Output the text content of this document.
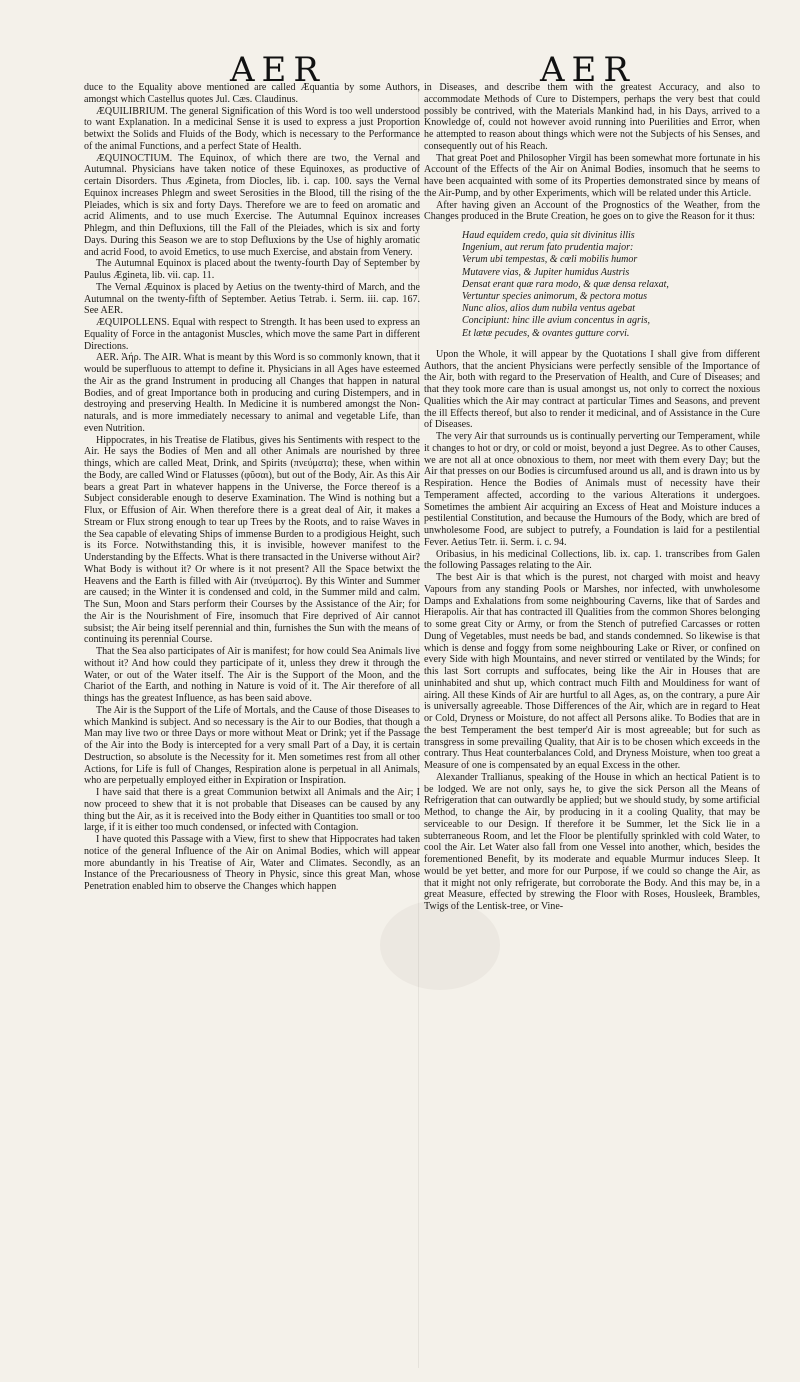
AER	AER

duce to the Equality above mentioned are called Æquantia by some Authors, amongst which Castellus quotes Jul. Cæs. Claudinus.

ÆQUILIBRIUM. The general Signification of this Word is too well understood to want Explanation. In a medicinal Sense it is used to express a just Proportion betwixt the Solids and Fluids of the Body, which is necessary to the Performance of the animal Functions, and a perfect State of Health.

ÆQUINOCTIUM. The Equinox, of which there are two, the Vernal and Autumnal. Physicians have taken notice of these Equinoxes, as productive of certain Disorders. Thus Ægineta, from Diocles, lib. i. cap. 100. says the Vernal Equinox increases Phlegm and sweet Serosities in the Blood, till the rising of the Pleiades, which is six and forty Days. Therefore we are to feed on aromatic and acrid Aliments, and to use much Exercise. The Autumnal Equinox increases Phlegm, and thin Defluxions, till the Fall of the Pleiades, which is six and forty Days. During this Season we are to stop Defluxions by the Use of highly aromatic and acrid Food, to avoid Emetics, to use much Exercise, and abstain from Venery.

The Autumnal Equinox is placed about the twenty-fourth Day of September by Paulus Ægineta, lib. vii. cap. 11.

The Vernal Æquinox is placed by Aetius on the twenty-third of March, and the Autumnal on the twenty-fifth of September. Aetius Tetrab. i. Serm. iii. cap. 167. See AER.

ÆQUIPOLLENS. Equal with respect to Strength. It has been used to express an Equality of Force in the antagonist Muscles, which move the same Part in different Directions.

AER. Ἀήρ. The AIR. What is meant by this Word is so commonly known, that it would be superfluous to attempt to define it. Physicians in all Ages have esteemed the Air as the grand Instrument in producing all Changes that happen in natural Bodies, and of great Importance both in producing and curing Distempers, and in destroying and preserving Health. In Medicine it is numbered amongst the Non-naturals, and is more immediately necessary to animal and vegetable Life, than even Nutrition.

Hippocrates, in his Treatise de Flatibus, gives his Sentiments with respect to the Air. He says the Bodies of Men and all other Animals are nourished by three things, which are called Meat, Drink, and Spirits (πνεύματα); these, when within the Body, are called Wind or Flatusses (φῦσαι), but out of the Body, Air. As this Air bears a great Part in whatever happens in the Universe, the Force thereof is a Subject considerable enough to deserve Examination. The Wind is nothing but a Flux, or Effusion of Air. When therefore there is a great deal of Air, it makes a Stream or Flux strong enough to tear up Trees by the Roots, and to raise Waves in the Sea capable of elevating Ships of immense Burden to a prodigious Height, such is its Force. Notwithstanding this, it is invisible, however manifest to the Understanding by the Effects. What is there transacted in the Universe without Air? What Body is without it? Or where is it not present? All the Space betwixt the Heavens and the Earth is filled with Air (πνεύματος). By this Winter and Summer are caused; in the Winter it is condensed and cold, in the Summer mild and calm. The Sun, Moon and Stars perform their Courses by the Assistance of the Air; for the Air is the Nourishment of Fire, insomuch that Fire deprived of Air cannot subsist; the Air being itself perennial and thin, furnishes the Sun with the means of continuing its perennial Course.

That the Sea also participates of Air is manifest; for how could Sea Animals live without it? And how could they participate of it, unless they drew it through the Water, or out of the Water itself. The Air is the Support of the Moon, and the Chariot of the Earth, and nothing in Nature is void of it. The Air therefore of all things has the greatest Influence, as has been said above.

The Air is the Support of the Life of Mortals, and the Cause of those Diseases to which Mankind is subject. And so necessary is the Air to our Bodies, that though a Man may live two or three Days or more without Meat or Drink; yet if the Passage of the Air into the Body is intercepted for a very small Part of a Day, it is certain Destruction, so absolute is the Necessity for it. Men sometimes rest from all other Actions, for Life is full of Changes, Respiration alone is perpetual in all Animals, who are perpetually employed either in Expiration or Inspiration.

I have said that there is a great Communion betwixt all Animals and the Air; I now proceed to shew that it is not probable that Diseases can be caused by any thing but the Air, as it is received into the Body either in Quantities too small or too large, if it is either too much condensed, or infected with Contagion.

I have quoted this Passage with a View, first to shew that Hippocrates had taken notice of the general Influence of the Air on Animal Bodies, which will appear more abundantly in his Treatise of Air, Water and Climates. Secondly, as an Instance of the Precariousness of Theory in Physic, since this great Man, whose Penetration enabled him to observe the Changes which happen

in Diseases, and describe them with the greatest Accuracy, and also to accommodate Methods of Cure to Distempers, perhaps the very best that could possibly be contrived, with the Materials Mankind had, in his Days, arrived to a Knowledge of, could not however avoid running into Puerilities and Error, when he attempted to reason about things which were not the Subjects of his Senses, and consequently out of his Reach.

That great Poet and Philosopher Virgil has been somewhat more fortunate in his Account of the Effects of the Air on Animal Bodies, insomuch that he seems to have been acquainted with some of its Properties demonstrated since by means of the Air-Pump, and by other Experiments, which will be related under this Article.

After having given an Account of the Prognostics of the Weather, from the Changes produced in the Brute Creation, he goes on to give the Reason for it thus:

Haud equidem credo, quia sit divinitus illis
Ingenium, aut rerum fato prudentia major:
Verum ubi tempestas, & cœli mobilis humor
Mutavere vias, & Jupiter humidus Austris
Densat erant quæ rara modo, & quæ densa relaxat,
Vertuntur species animorum, & pectora motus
Nunc alios, alios dum nubila ventus agebat
Concipiunt: hinc ille avium concentus in agris,
Et lætæ pecudes, & ovantes gutture corvi.

Upon the Whole, it will appear by the Quotations I shall give from different Authors, that the ancient Physicians were perfectly sensible of the Importance of the Air, both with regard to the Preservation of Health, and Cure of Diseases; and that they took more care than is usual amongst us, not only to correct the noxious Qualities which the Air may contract at particular Times and Seasons, and prevent the ill Effects thereof, but also to render it medicinal, and of Assistance in the Cure of Diseases.

The very Air that surrounds us is continually perverting our Temperament, while it changes to hot or dry, or cold or moist, beyond a just Degree. As to other Causes, we are not all at once obnoxious to them, nor meet with them every Day; but the Air that presses on our Bodies is circumfused around us all, and is drawn into us by Respiration. Hence the Bodies of Animals must of necessity have their Temperament affected, according to the various Alterations it undergoes. Sometimes the ambient Air acquiring an Excess of Heat and Moisture induces a pestilential Constitution, and because the Humours of the Body, which are bred of unwholesome Food, are subject to putrefy, a Foundation is laid for a pestilential Fever. Aetius Tetr. ii. Serm. i. c. 94.

Oribasius, in his medicinal Collections, lib. ix. cap. 1. transcribes from Galen the following Passages relating to the Air.

The best Air is that which is the purest, not charged with moist and heavy Vapours from any standing Pools or Marshes, nor infected, with unwholesome Damps and Exhalations from some neighbouring Caverns, like that of Sardes and Hierapolis. Air that has contracted ill Qualities from the common Shores belonging to some great City or Army, or from the Stench of putrefied Carcasses or rotten Dung of Vegetables, must needs be bad, and stands condemned. So likewise is that which is dense and foggy from some neighbouring Lake or River, or confined on every Side with high Mountains, and never stirred or ventilated by the Winds; for this last Sort corrupts and suffocates, being like the Air in Houses that are uninhabited and shut up, which contract much Filth and Mouldiness for want of airing. All these Kinds of Air are hurtful to all Ages, as, on the contrary, a pure Air is universally agreeable. Those Differences of the Air, which are in regard to Heat or Cold, Dryness or Moisture, do not affect all Persons alike. To Bodies that are in the best Temperament the best temper'd Air is most agreeable; but for such as transgress in some prevailing Quality, that Air is to be chosen which exceeds in the contrary. Thus Heat counterbalances Cold, and Dryness Moisture, when too great a Measure of one is compensated by an equal Excess in the other.

Alexander Trallianus, speaking of the House in which an hectical Patient is to be lodged. We are not only, says he, to give the sick Person all the Means of Refrigeration that can outwardly be applied; but we should study, by some artificial Method, to change the Air, by producing in it a cooling Quality, that may be serviceable to our Design. If therefore it be Summer, let the Sick lie in a subterraneous Room, and let the Floor be plentifully sprinkled with cold Water, to cool the Air. Let Water also fall from one Vessel into another, which, besides the forementioned Benefit, by its moderate and equable Murmur induces Sleep. It would be yet better, and more for our Purpose, if we could so change the Air, as that it might not only refrigerate, but corroborate the Body. And this may be, in a great Measure, effected by strewing the Floor with Roses, Housleek, Brambles, Twigs of the Lentisk-tree, or Vine-
